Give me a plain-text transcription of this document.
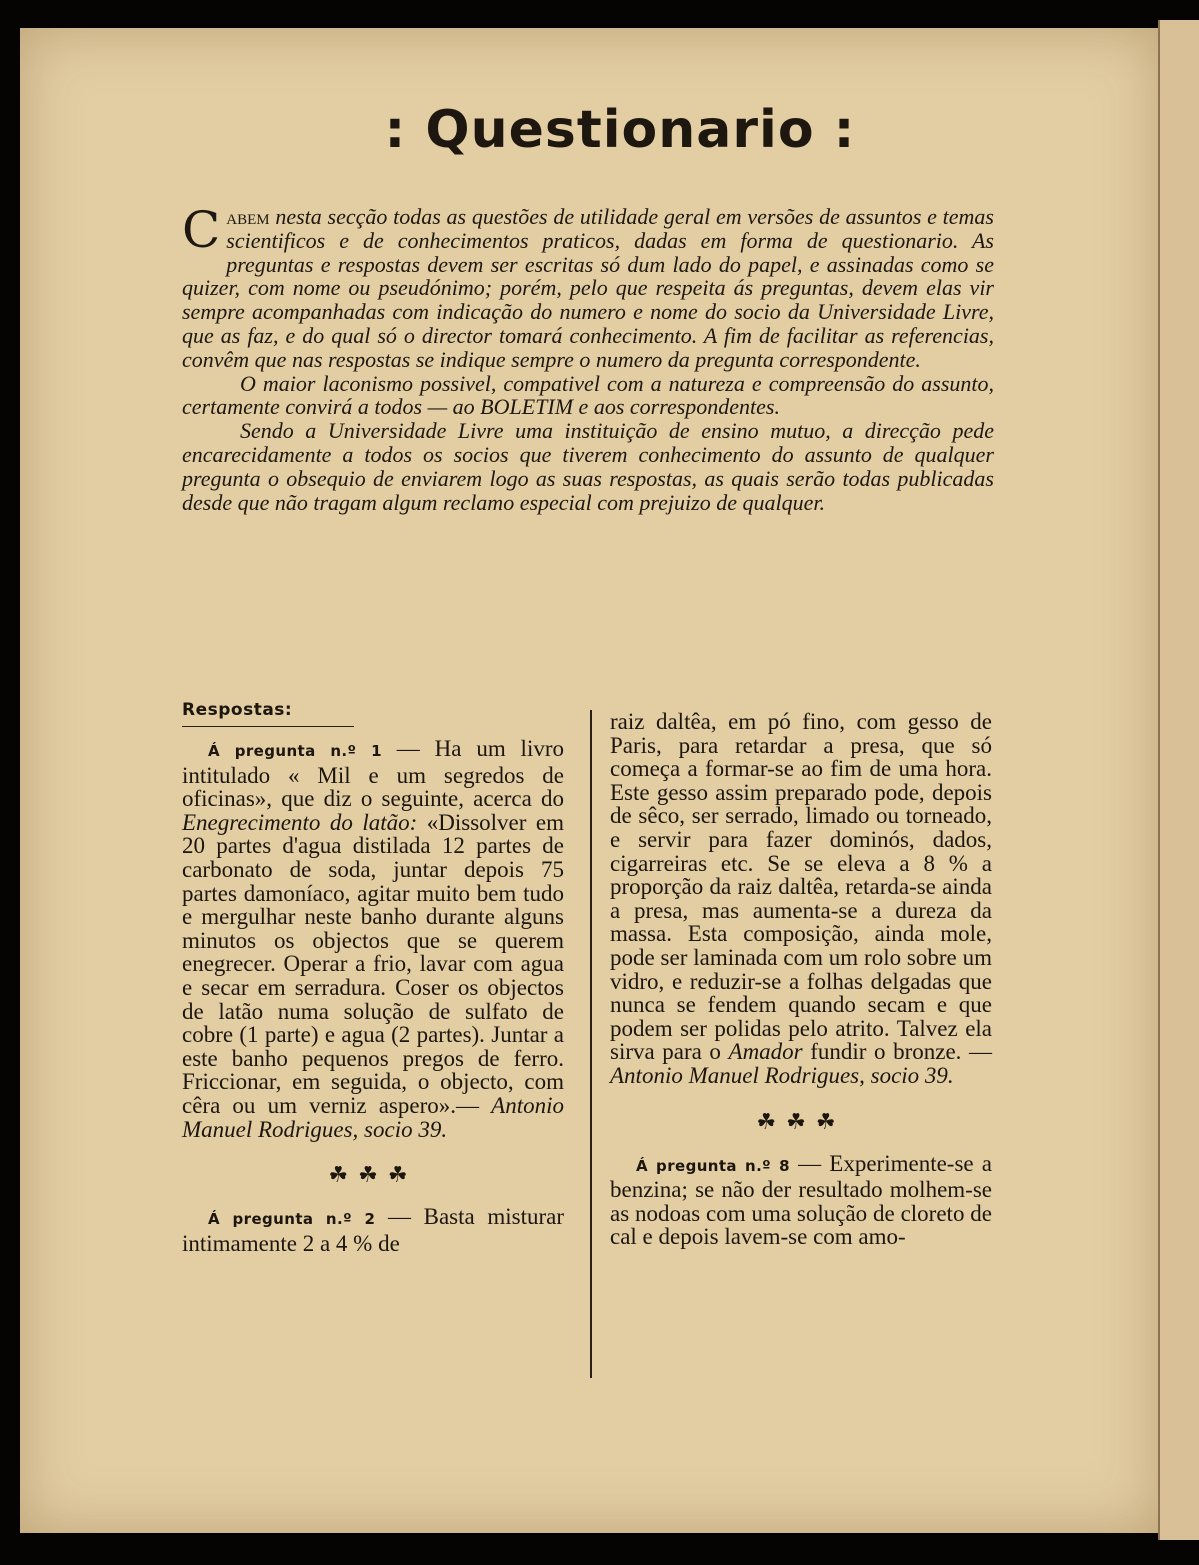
: Questionario :

Cabem nesta secção todas as questões de utilidade geral em versões de assuntos e temas scientificos e de conhecimentos praticos, dadas em forma de questionario. As preguntas e respostas devem ser escritas só dum lado do papel, e assinadas como se quizer, com nome ou pseudónimo; porém, pelo que respeita ás preguntas, devem elas vir sempre acompanhadas com indicação do numero e nome do socio da Universidade Livre, que as faz, e do qual só o director tomará conhecimento. A fim de facilitar as referencias, convêm que nas respostas se indique sempre o numero da pregunta correspondente.

O maior laconismo possivel, compativel com a natureza e compreensão do assunto, certamente convirá a todos — ao BOLETIM e aos correspondentes.

Sendo a Universidade Livre uma instituição de ensino mutuo, a direcção pede encarecidamente a todos os socios que tiverem conhecimento do assunto de qualquer pregunta o obsequio de enviarem logo as suas respostas, as quais serão todas publicadas desde que não tragam algum reclamo especial com prejuizo de qualquer.

Respostas:

Á pregunta n.º 1 — Ha um livro intitulado « Mil e um segredos de oficinas», que diz o seguinte, acerca do Enegrecimento do latão: «Dissolver em 20 partes d'agua distilada 12 partes de carbonato de soda, juntar depois 75 partes damoníaco, agitar muito bem tudo e mergulhar neste banho durante alguns minutos os objectos que se querem enegrecer. Operar a frio, lavar com agua e secar em serradura. Coser os objectos de latão numa solução de sulfato de cobre (1 parte) e agua (2 partes). Juntar a este banho pequenos pregos de ferro. Friccionar, em seguida, o objecto, com cêra ou um verniz aspero».— Antonio Manuel Rodrigues, socio 39.

☘☘☘

Á pregunta n.º 2 — Basta misturar intimamente 2 a 4 % de

raiz daltêa, em pó fino, com gesso de Paris, para retardar a presa, que só começa a formar-se ao fim de uma hora. Este gesso assim preparado pode, depois de sêco, ser serrado, limado ou torneado, e servir para fazer dominós, dados, cigarreiras etc. Se se eleva a 8 % a proporção da raiz daltêa, retarda-se ainda a presa, mas aumenta-se a dureza da massa. Esta composição, ainda mole, pode ser laminada com um rolo sobre um vidro, e reduzir-se a folhas delgadas que nunca se fendem quando secam e que podem ser polidas pelo atrito. Talvez ela sirva para o Amador fundir o bronze. — Antonio Manuel Rodrigues, socio 39.

☘☘☘

Á pregunta n.º 8 — Experimente-se a benzina; se não der resultado molhem-se as nodoas com uma solução de cloreto de cal e depois lavem-se com amo-
